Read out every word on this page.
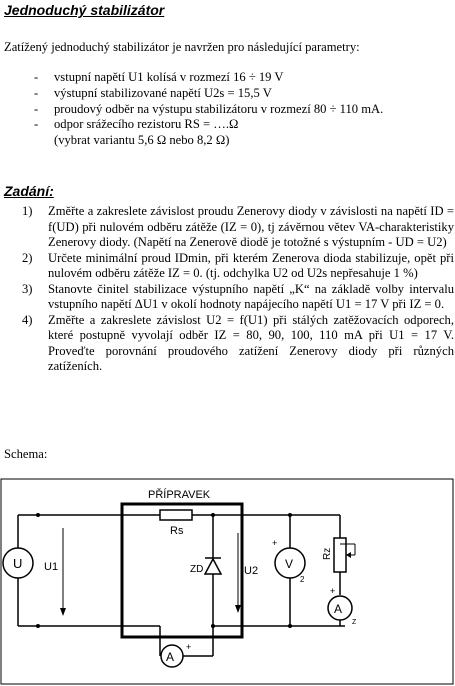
Jednoduchý stabilizátor
Zatížený jednoduchý stabilizátor je navržen pro následující parametry:
- vstupní napětí U1 kolísá v rozmezí 16 ÷ 19 V
- výstupní stabilizované napětí U2s = 15,5 V
- proudový odběr na výstupu stabilizátoru v rozmezí 80 ÷ 110 mA.
- odpor srážecího rezistoru RS = ….Ω
(vybrat variantu 5,6 Ω nebo 8,2 Ω)
Zadání:
1) Změřte a zakreslete závislost proudu Zenerovy diody v závislosti na napětí ID = f(UD) při nulovém odběru zátěže (IZ = 0), tj závěrnou větev VA-charakteristiky Zenerovy diody. (Napětí na Zenerově diodě je totožné s výstupním - UD = U2)
2) Určete minimální proud IDmin, při kterém Zenerova dioda stabilizuje, opět při nulovém odběru zátěže IZ = 0. (tj. odchylka U2 od U2s nepřesahuje 1 %)
3) Stanovte činitel stabilizace výstupního napětí „K“ na základě volby intervalu vstupního napětí ΔU1 v okolí hodnoty napájecího napětí U1 = 17 V při IZ = 0.
4) Změřte a zakreslete závislost U2 = f(U1) při stálých zatěžovacích odporech, které postupně vyvolají odběr IZ = 80, 90, 100, 110 mA při U1 = 17 V. Proveďte porovnání proudového zatížení Zenerovy diody při různých zatíženích.
Schema:
PŘÍPRAVEK
Rs
U U1	ZD	U2
A
+
V
+
2
Rz
A
+
Z
